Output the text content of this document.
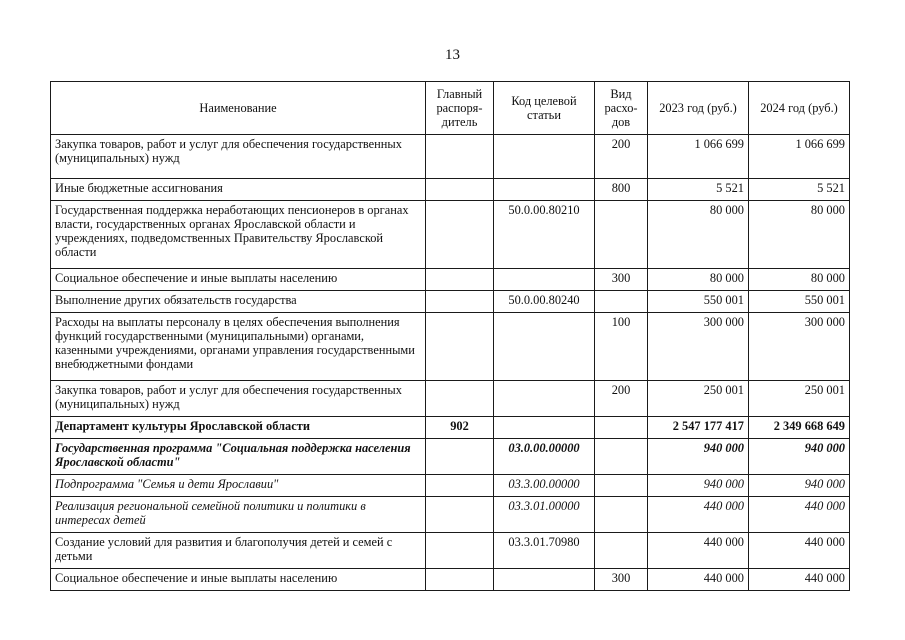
13
Наименование	Главный распоря-дитель	Код целевой статьи	Вид расхо-дов	2023 год (руб.)	2024 год (руб.)
Закупка товаров, работ и услуг для обеспечения государственных (муниципальных) нужд			200	1 066 699	1 066 699
Иные бюджетные ассигнования			800	5 521	5 521
Государственная поддержка неработающих пенсионеров в органах власти, государственных органах Ярославской области и учреждениях, подведомственных Правительству Ярославской области		50.0.00.80210		80 000	80 000
Социальное обеспечение и иные выплаты населению			300	80 000	80 000
Выполнение других обязательств государства		50.0.00.80240		550 001	550 001
Расходы на выплаты персоналу в целях обеспечения выполнения функций государственными (муниципальными) органами, казенными учреждениями, органами управления государственными внебюджетными фондами			100	300 000	300 000
Закупка товаров, работ и услуг для обеспечения государственных (муниципальных) нужд			200	250 001	250 001
Департамент культуры Ярославской области	902			2 547 177 417	2 349 668 649
Государственная программа "Социальная поддержка населения Ярославской области"		03.0.00.00000		940 000	940 000
Подпрограмма "Семья и дети Ярославии"		03.3.00.00000		940 000	940 000
Реализация региональной семейной политики и политики в интересах детей		03.3.01.00000		440 000	440 000
Создание условий для развития и благополучия детей и семей с детьми		03.3.01.70980		440 000	440 000
Социальное обеспечение и иные выплаты населению			300	440 000	440 000
